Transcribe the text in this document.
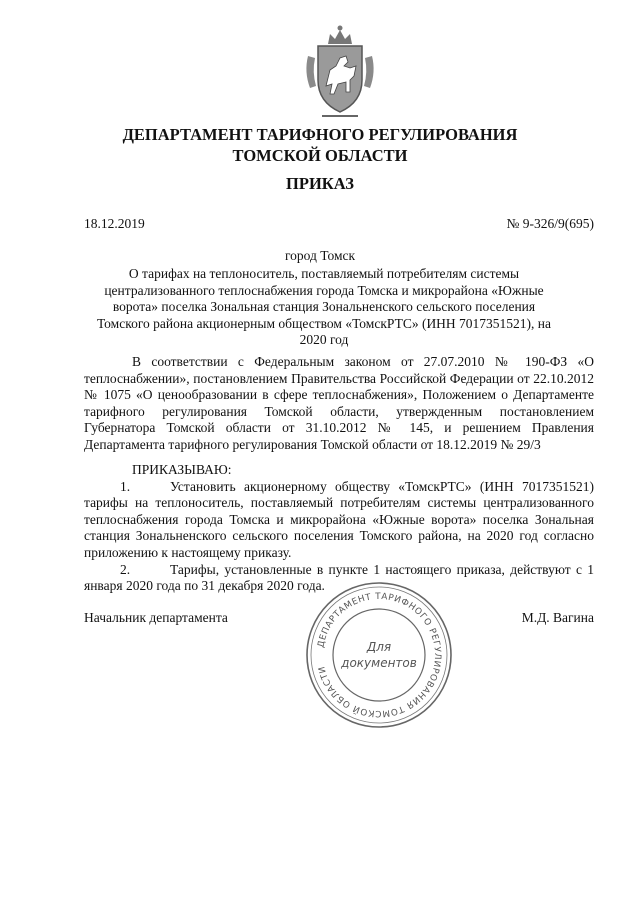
ДЕПАРТАМЕНТ ТАРИФНОГО РЕГУЛИРОВАНИЯ
ТОМСКОЙ ОБЛАСТИ
ПРИКАЗ
18.12.2019	№ 9-326/9(695)
город Томск
О тарифах на теплоноситель, поставляемый потребителям системы централизованного теплоснабжения города Томска и микрорайона «Южные ворота» поселка Зональная станция Зональненского сельского поселения Томского района акционерным обществом «ТомскРТС» (ИНН 7017351521), на 2020 год

В соответствии с Федеральным законом от 27.07.2010 № 190-ФЗ «О теплоснабжении», постановлением Правительства Российской Федерации от 22.10.2012 № 1075 «О ценообразовании в сфере теплоснабжения», Положением о Департаменте тарифного регулирования Томской области, утвержденным постановлением Губернатора Томской области от 31.10.2012 № 145, и решением Правления Департамента тарифного регулирования Томской области от 18.12.2019 № 29/3

ПРИКАЗЫВАЮ:

1.	Установить акционерному обществу «ТомскРТС» (ИНН 7017351521) тарифы на теплоноситель, поставляемый потребителям системы централизованного теплоснабжения города Томска и микрорайона «Южные ворота» поселка Зональная станция Зональненского сельского поселения Томского района, на 2020 год согласно приложению к настоящему приказу.

2.	Тарифы, установленные в пункте 1 настоящего приказа, действуют с 1 января 2020 года по 31 декабря 2020 года.

Начальник департамента	М.Д. Вагина
ДЕПАРТАМЕНТ ТАРИФНОГО РЕГУЛИРОВАНИЯ ТОМСКОЙ ОБЛАСТИ
Для
документов
